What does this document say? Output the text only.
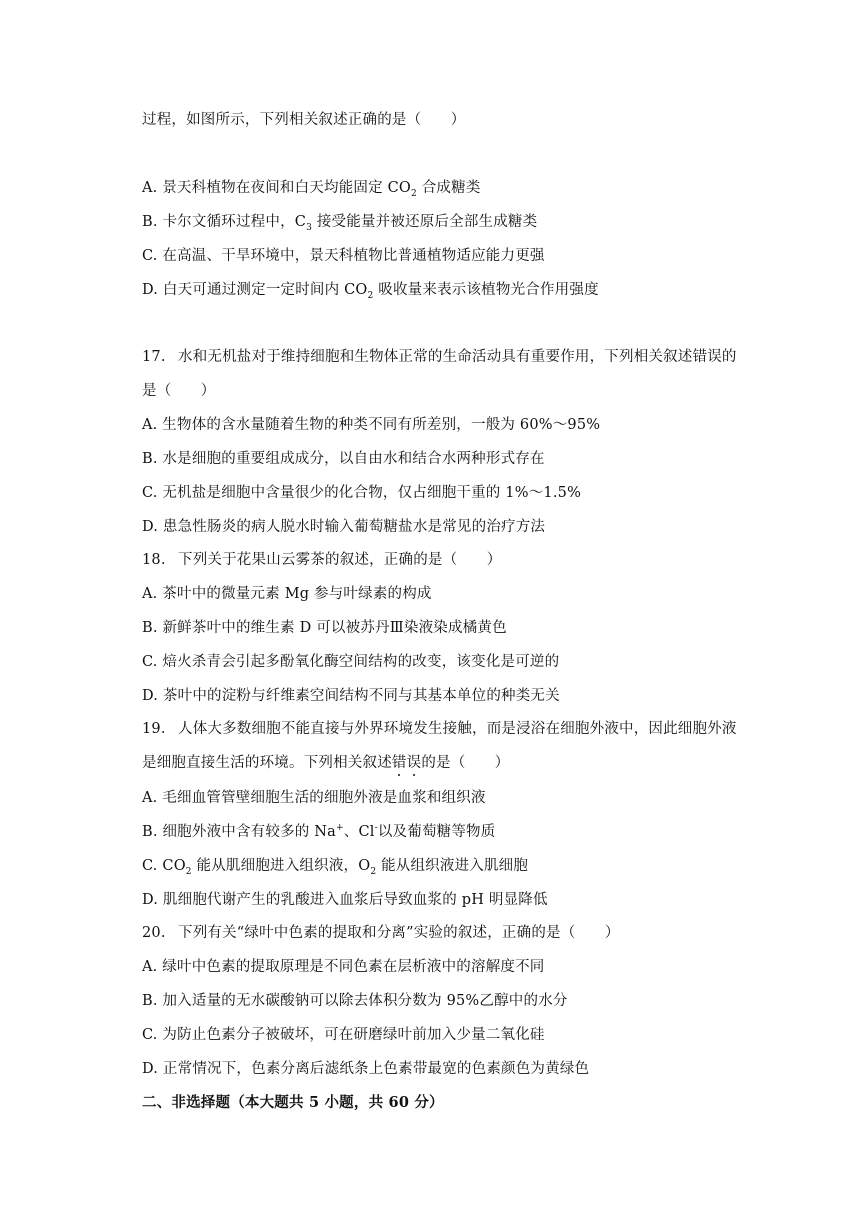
过程，如图所示，下列相关叙述正确的是（　　）
A. 景天科植物在夜间和白天均能固定 $CO_2$ 合成糖类
B. 卡尔文循环过程中，$C_3$ 接受能量并被还原后全部生成糖类
C. 在高温、干旱环境中，景天科植物比普通植物适应能力更强
D. 白天可通过测定一定时间内 $CO_2$ 吸收量来表示该植物光合作用强度
17. 水和无机盐对于维持细胞和生物体正常的生命活动具有重要作用，下列相关叙述错误的
是（　　）
A. 生物体的含水量随着生物的种类不同有所差别，一般为 60%～95%
B. 水是细胞的重要组成成分，以自由水和结合水两种形式存在
C. 无机盐是细胞中含量很少的化合物，仅占细胞干重的 1%～1.5%
D. 患急性肠炎的病人脱水时输入葡萄糖盐水是常见的治疗方法
18. 下列关于花果山云雾茶的叙述，正确的是（　　）
A. 茶叶中的微量元素 Mg 参与叶绿素的构成
B. 新鲜茶叶中的维生素 D 可以被苏丹Ⅲ染液染成橘黄色
C. 焙火杀青会引起多酚氧化酶空间结构的改变，该变化是可逆的
D. 茶叶中的淀粉与纤维素空间结构不同与其基本单位的种类无关
19. 人体大多数细胞不能直接与外界环境发生接触，而是浸浴在细胞外液中，因此细胞外液
是细胞直接生活的环境。下列相关叙述错误的是（　　）
A. 毛细血管管壁细胞生活的细胞外液是血浆和组织液
B. 细胞外液中含有较多的 Na+、Cl-以及葡萄糖等物质
C. $CO_2$ 能从肌细胞进入组织液，$O_2$ 能从组织液进入肌细胞
D. 肌细胞代谢产生的乳酸进入血浆后导致血浆的 pH 明显降低
20. 下列有关“绿叶中色素的提取和分离”实验的叙述，正确的是（　　）
A. 绿叶中色素的提取原理是不同色素在层析液中的溶解度不同
B. 加入适量的无水碳酸钠可以除去体积分数为 95%乙醇中的水分
C. 为防止色素分子被破坏，可在研磨绿叶前加入少量二氧化硅
D. 正常情况下，色素分离后滤纸条上色素带最宽的色素颜色为黄绿色
二、非选择题（本大题共 5 小题，共 60 分）
